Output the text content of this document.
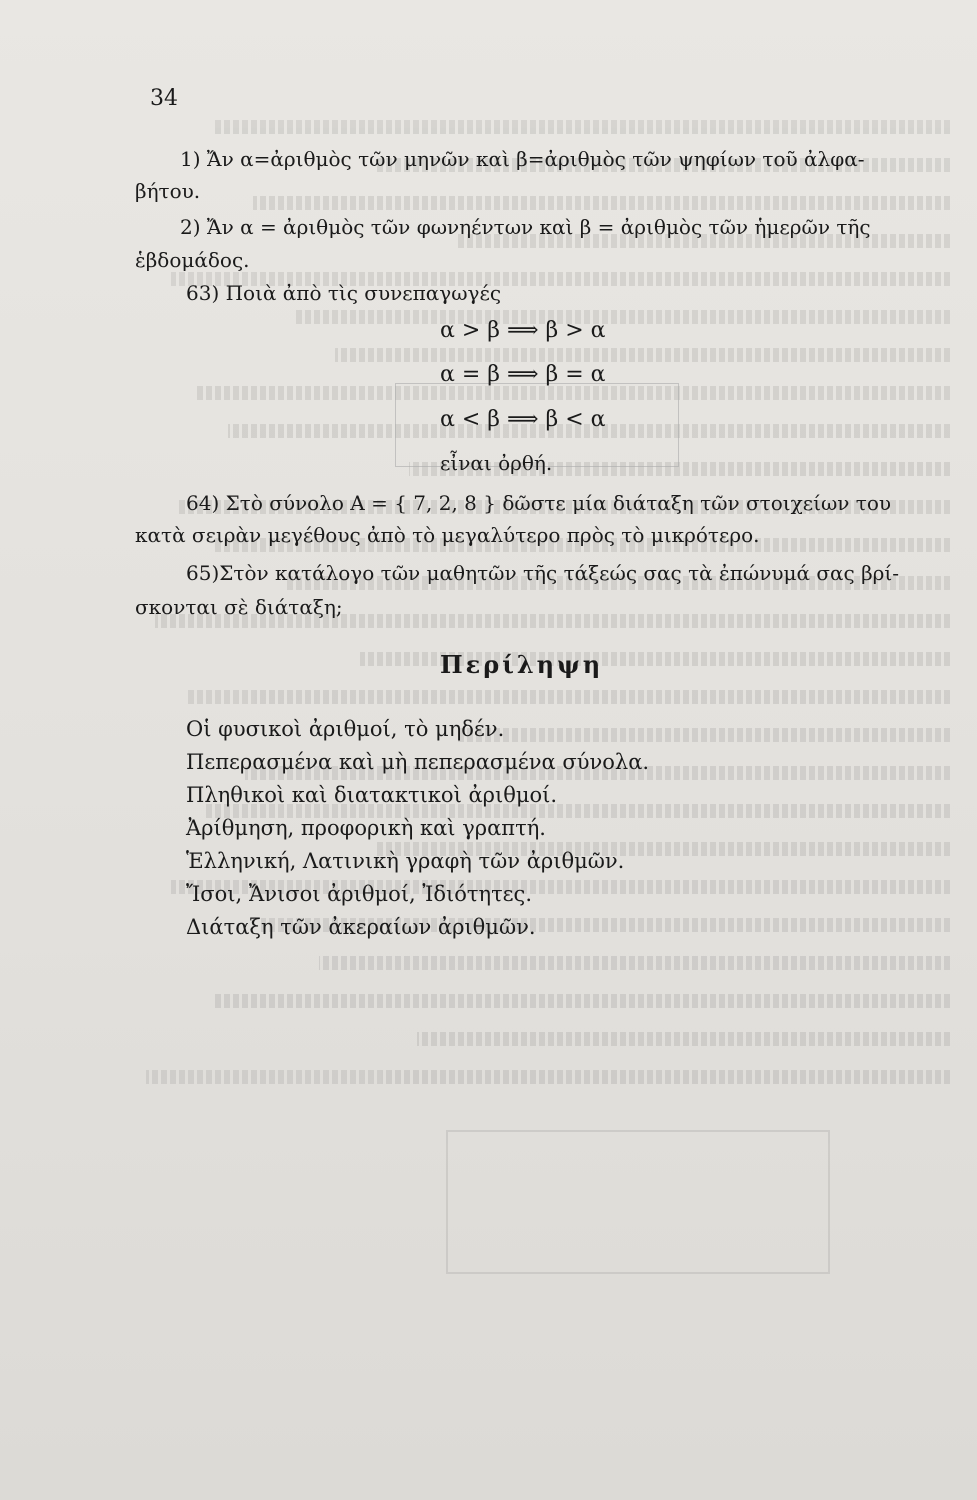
34
1) Ἄν α=ἀριθμὸς τῶν μηνῶν καὶ β=ἀριθμὸς τῶν ψηφίων τοῦ ἀλφα-
βήτου.
2) Ἄν α = ἀριθμὸς τῶν φωνηέντων καὶ β = ἀριθμὸς τῶν ἡμερῶν τῆς
ἑβδομάδος.
63) Ποιὰ ἀπὸ τὶς συνεπαγωγές
α > β ⟹ β > α
α = β ⟹ β = α
α < β ⟹ β < α
εἶναι ὀρθή.
64) Στὸ σύνολο Α = { 7, 2, 8 } δῶστε μία διάταξη τῶν στοιχείων του
κατὰ σειρὰν μεγέθους ἀπὸ τὸ μεγαλύτερο πρὸς τὸ μικρότερο.
65)Στὸν κατάλογο τῶν μαθητῶν τῆς τάξεώς σας τὰ ἐπώνυμά σας βρί-
σκονται σὲ διάταξη;
Περίληψη
Οἱ φυσικοὶ ἀριθμοί, τὸ μηδέν.
Πεπερασμένα καὶ μὴ πεπερασμένα σύνολα.
Πληθικοὶ καὶ διατακτικοὶ ἀριθμοί.
Ἀρίθμηση, προφορικὴ καὶ γραπτή.
Ἑλληνική, Λατινικὴ γραφὴ τῶν ἀριθμῶν.
Ἴσοι, Ἄνισοι ἀριθμοί, Ἰδιότητες.
Διάταξη τῶν ἀκεραίων ἀριθμῶν.
